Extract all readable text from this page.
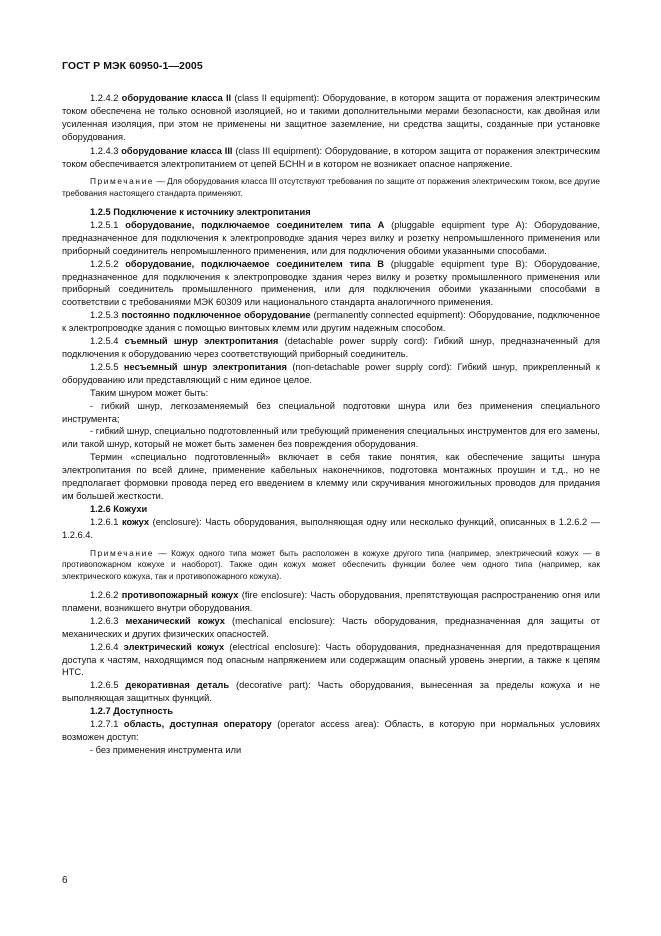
ГОСТ Р МЭК 60950-1—2005

1.2.4.2 оборудование класса II (class II equipment): Оборудование, в котором защита от поражения электрическим током обеспечена не только основной изоляцией, но и такими дополнительными мерами безопасности, как двойная или усиленная изоляция, при этом не применены ни защитное заземление, ни средства защиты, созданные при установке оборудования.

1.2.4.3 оборудование класса III (class III equipment): Оборудование, в котором защита от поражения электрическим током обеспечивается электропитанием от цепей БСНН и в котором не возникает опасное напряжение.

Примечание — Для оборудования класса III отсутствуют требования по защите от поражения электрическим током, все другие требования настоящего стандарта применяют.

1.2.5 Подключение к источнику электропитания

1.2.5.1 оборудование, подключаемое соединителем типа А (pluggable equipment type A): Оборудование, предназначенное для подключения к электропроводке здания через вилку и розетку непромышленного применения или приборный соединитель непромышленного применения, или для подключения обоими указанными способами.

1.2.5.2 оборудование, подключаемое соединителем типа В (pluggable equipment type B): Оборудование, предназначенное для подключения к электропроводке здания через вилку и розетку промышленного применения или приборный соединитель промышленного применения, или для подключения обоими указанными способами в соответствии с требованиями МЭК 60309 или национального стандарта аналогичного применения.

1.2.5.3 постоянно подключенное оборудование (permanently connected equipment): Оборудование, подключенное к электропроводке здания с помощью винтовых клемм или другим надежным способом.

1.2.5.4 съемный шнур электропитания (detachable power supply cord): Гибкий шнур, предназначенный для подключения к оборудованию через соответствующий приборный соединитель.

1.2.5.5 несъемный шнур электропитания (non-detachable power supply cord): Гибкий шнур, прикрепленный к оборудованию или представляющий с ним единое целое.

Таким шнуром может быть:

- гибкий шнур, легкозаменяемый без специальной подготовки шнура или без применения специального инструмента;

- гибкий шнур, специально подготовленный или требующий применения специальных инструментов для его замены, или такой шнур, который не может быть заменен без повреждения оборудования.

Термин «специально подготовленный» включает в себя такие понятия, как обеспечение защиты шнура электропитания по всей длине, применение кабельных наконечников, подготовка монтажных проушин и т.д., но не предполагает формовки провода перед его введением в клемму или скручивания многожильных проводов для придания им большей жесткости.

1.2.6 Кожухи

1.2.6.1 кожух (enclosure): Часть оборудования, выполняющая одну или несколько функций, описанных в 1.2.6.2 — 1.2.6.4.

Примечание — Кожух одного типа может быть расположен в кожухе другого типа (например, электрический кожух — в противопожарном кожухе и наоборот). Также один кожух может обеспечить функции более чем одного типа (например, как электрического кожуха, так и противопожарного кожуха).

1.2.6.2 противопожарный кожух (fire enclosure): Часть оборудования, препятствующая распространению огня или пламени, возникшего внутри оборудования.

1.2.6.3 механический кожух (mechanical enclosure): Часть оборудования, предназначенная для защиты от механических и других физических опасностей.

1.2.6.4 электрический кожух (electrical enclosure): Часть оборудования, предназначенная для предотвращения доступа к частям, находящимся под опасным напряжением или содержащим опасный уровень энергии, а также к цепям НТС.

1.2.6.5 декоративная деталь (decorative part): Часть оборудования, вынесенная за пределы кожуха и не выполняющая защитных функций.

1.2.7 Доступность

1.2.7.1 область, доступная оператору (operator access area): Область, в которую при нормальных условиях возможен доступ:

- без применения инструмента или

6
